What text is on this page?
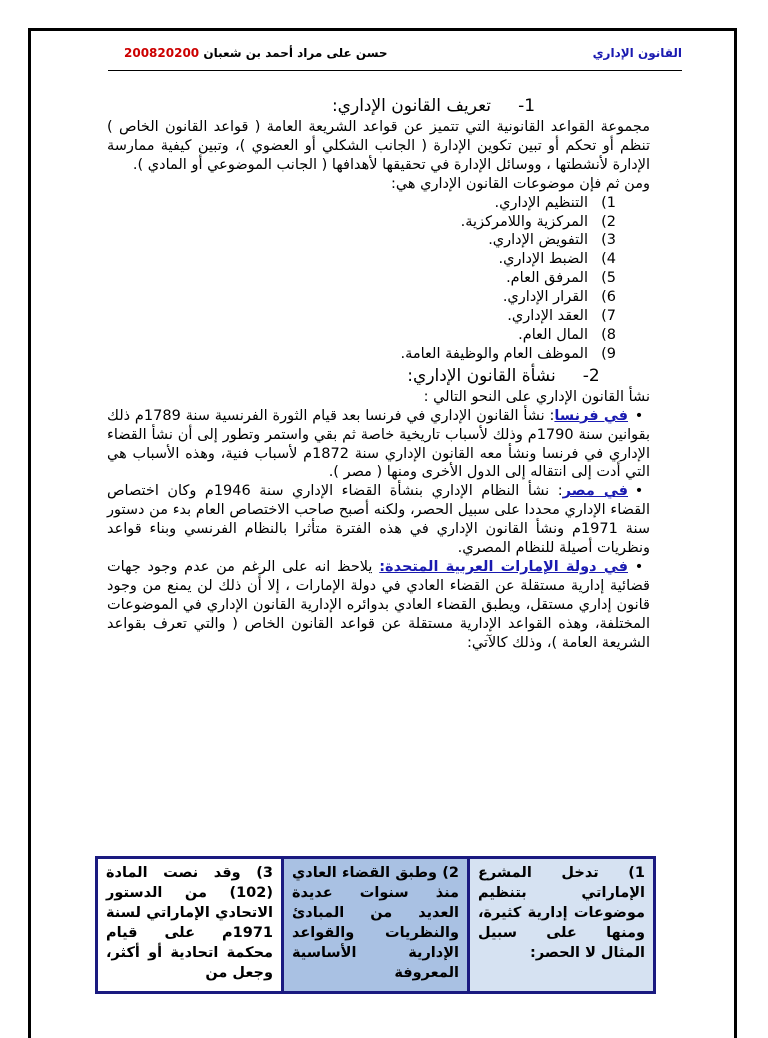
القانون الإداري
حسن على مراد أحمد بن شعبان 200820200
1-     تعريف القانون الإداري:

مجموعة القواعد القانونية التي تتميز عن قواعد الشريعة العامة ( قواعد القانون الخاص ) تنظم أو تحكم أو تبين تكوين الإدارة ( الجانب الشكلي أو العضوي )، وتبين كيفية ممارسة الإدارة لأنشطتها ، ووسائل الإدارة في تحقيقها لأهدافها ( الجانب الموضوعي أو المادي ).

ومن ثم فإن موضوعات القانون الإداري هي:

1)
التنظيم الإداري.
2)
المركزية واللامركزية.
3)
التفويض الإداري.
4)
الضبط الإداري.
5)
المرفق العام.
6)
القرار الإداري.
7)
العقد الإداري.
8)
المال العام.
9)
الموظف العام والوظيفة العامة.
2-     نشأة القانون الإداري:

نشأ القانون الإداري على النحو التالي :

•في فرنسا: نشأ القانون الإداري في فرنسا بعد قيام الثورة الفرنسية سنة 1789م ذلك بقوانين سنة 1790م وذلك لأسباب تاريخية خاصة ثم بقي واستمر وتطور إلى أن نشأ القضاء الإداري في فرنسا ونشأ معه القانون الإداري سنة 1872م لأسباب فنية، وهذه الأسباب هي التي أدت إلى انتقاله إلى الدول الأخرى ومنها ( مصر ).

•في مصر: نشأ النظام الإداري بنشأة القضاء الإداري سنة 1946م وكان اختصاص القضاء الإداري محددا على سبيل الحصر، ولكنه أصبح صاحب الاختصاص العام بدء من دستور سنة 1971م ونشأ القانون الإداري في هذه الفترة متأثرا بالنظام الفرنسي وبناء قواعد ونظريات أصيلة للنظام المصري.

•في دولة الإمارات العربية المتحدة: يلاحظ انه على الرغم من عدم وجود جهات قضائية إدارية مستقلة عن القضاء العادي في دولة الإمارات ، إلا أن ذلك لن يمنع من وجود قانون إداري مستقل، ويطبق القضاء العادي بدوائره الإدارية القانون الإداري في الموضوعات المختلفة، وهذه القواعد الإدارية مستقلة عن قواعد القانون الخاص ( والتي تعرف بقواعد الشريعة العامة )، وذلك كالآتي:

1) تدخل المشرع الإماراتي بتنظيم موضوعات إدارية كثيرة، ومنها على سبيل المثال لا الحصر:
2) وطبق القضاء العادي منذ سنوات عديدة العديد من المبادئ والنظريات والقواعد الإدارية الأساسية المعروفة
3) وقد نصت المادة (102) من الدستور الاتحادي الإماراتي لسنة 1971م على قيام محكمة اتحادية أو أكثر، وجعل من
